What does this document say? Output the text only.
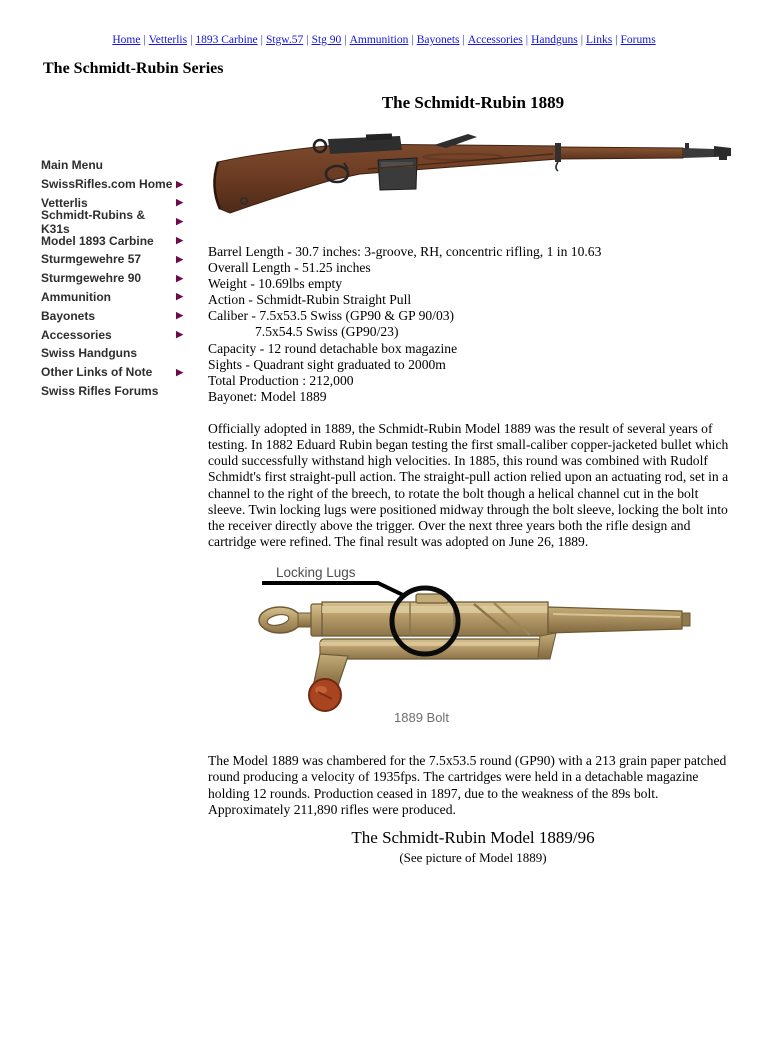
Home | Vetterlis | 1893 Carbine | Stgw.57 | Stg 90 | Ammunition | Bayonets | Accessories | Handguns | Links | Forums
The Schmidt-Rubin Series
Main Menu
SwissRifles.com Home ▶
Vetterlis	▶
Schmidt-Rubins & K31s
▶
Model 1893 Carbine	▶
Sturmgewehre 57	▶
Sturmgewehre 90	▶
Ammunition	▶
Bayonets	▶
Accessories	▶
Swiss Handguns
Other Links of Note	▶
Swiss Rifles Forums
The Schmidt-Rubin 1889
Barrel Length - 30.7 inches: 3-groove, RH, concentric rifling, 1 in 10.63
Overall Length - 51.25 inches
Weight - 10.69lbs empty
Action - Schmidt-Rubin Straight Pull
Caliber - 7.5x53.5 Swiss (GP90 & GP 90/03)
7.5x54.5 Swiss (GP90/23)
Capacity - 12 round detachable box magazine
Sights - Quadrant sight graduated to 2000m
Total Production : 212,000
Bayonet: Model 1889

Officially adopted in 1889, the Schmidt-Rubin Model 1889 was the result of several years of testing. In 1882 Eduard Rubin began testing the first small-caliber copper-jacketed bullet which could successfully withstand high velocities. In 1885, this round was combined with Rudolf Schmidt's first straight-pull action. The straight-pull action relied upon an actuating rod, set in a channel to the right of the breech, to rotate the bolt though a helical channel cut in the bolt sleeve. Twin locking lugs were positioned midway through the bolt sleeve, locking the bolt into the receiver directly above the trigger. Over the next three years both the rifle design and cartridge were refined. The final result was adopted on June 26, 1889.

Locking Lugs
1889 Bolt

The Model 1889 was chambered for the 7.5x53.5 round (GP90) with a 213 grain paper patched round producing a velocity of 1935fps. The cartridges were held in a detachable magazine holding 12 rounds. Production ceased in 1897, due to the weakness of the 89s bolt. Approximately 211,890 rifles were produced.

The Schmidt-Rubin Model 1889/96
(See picture of Model 1889)
